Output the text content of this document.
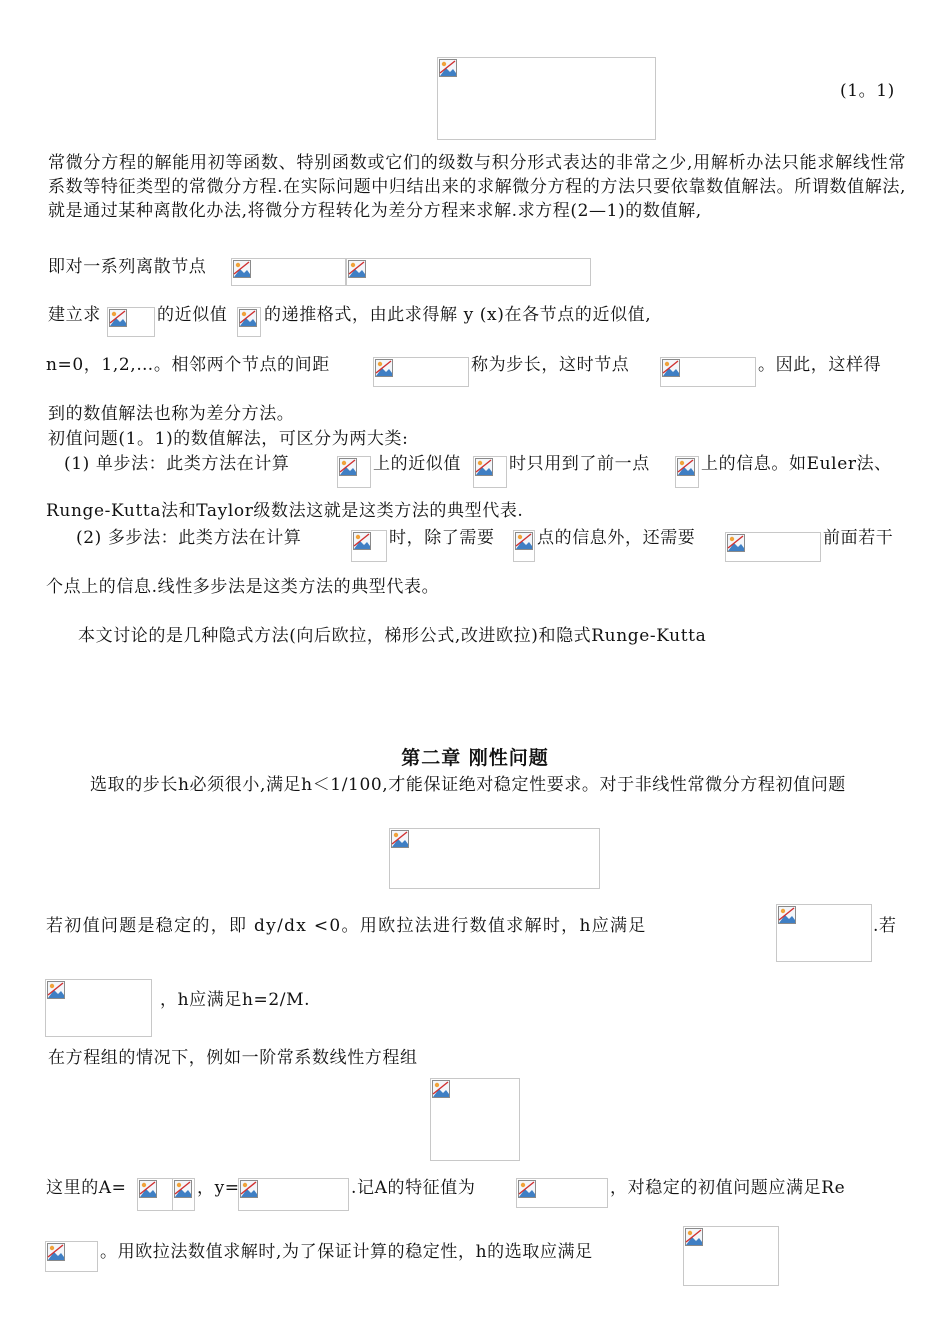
(1。1)
常微分方程的解能用初等函数、特别函数或它们的级数与积分形式表达的非常之少,用解析办法只能求解线性常系数等特征类型的常微分方程.在实际问题中归结出来的求解微分方程的方法只要依靠数值解法。所谓数值解法,就是通过某种离散化办法,将微分方程转化为差分方程来求解.求方程(2—1)的数值解,
即对一系列离散节点
建立求	的近似值 的递推格式，由此求得解 y (x)在各节点的近似值,
n=0，1,2,…。相邻两个节点的间距	称为步长，这时节点	。因此，这样得
到的数值解法也称为差分方法。
初值问题(1。1)的数值解法，可区分为两大类:
(1) 单步法：此类方法在计算	上的近似值	时只用到了前一点	上的信息。如Euler法、
Runge-Kutta法和Taylor级数法这就是这类方法的典型代表.
(2) 多步法：此类方法在计算	时，除了需要 点的信息外，还需要	前面若干
个点上的信息.线性多步法是这类方法的典型代表。
本文讨论的是几种隐式方法(向后欧拉，梯形公式,改进欧拉)和隐式Runge-Kutta
第二章 刚性问题
选取的步长h必须很小,满足h＜1/100,才能保证绝对稳定性要求。对于非线性常微分方程初值问题
若初值问题是稳定的，即 dy/dx <0。用欧拉法进行数值求解时，h应满足	.若
，h应满足h=2/M.
在方程组的情况下，例如一阶常系数线性方程组
这里的A=	，y=	.记A的特征值为	，对稳定的初值问题应满足Re
。用欧拉法数值求解时,为了保证计算的稳定性，h的选取应满足
